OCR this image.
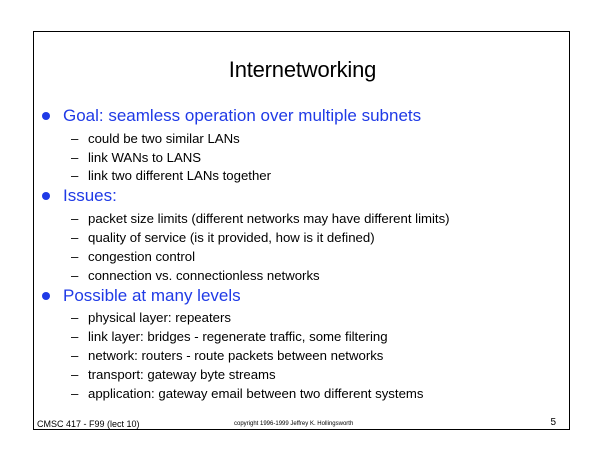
Internetworking
Goal: seamless operation over multiple subnets
– could be two similar LANs
– link WANs to LANS
– link two different LANs together
Issues:
– packet size limits (different networks may have different limits)
– quality of service (is it provided, how is it defined)
– congestion control
– connection vs. connectionless networks
Possible at many levels
– physical layer: repeaters
– link layer: bridges - regenerate traffic, some filtering
– network: routers - route packets between networks
– transport: gateway byte streams
– application: gateway email between two different systems
CMSC 417 - F99 (lect 10)	copyright 1996-1999 Jeffrey K. Hollingsworth	5
